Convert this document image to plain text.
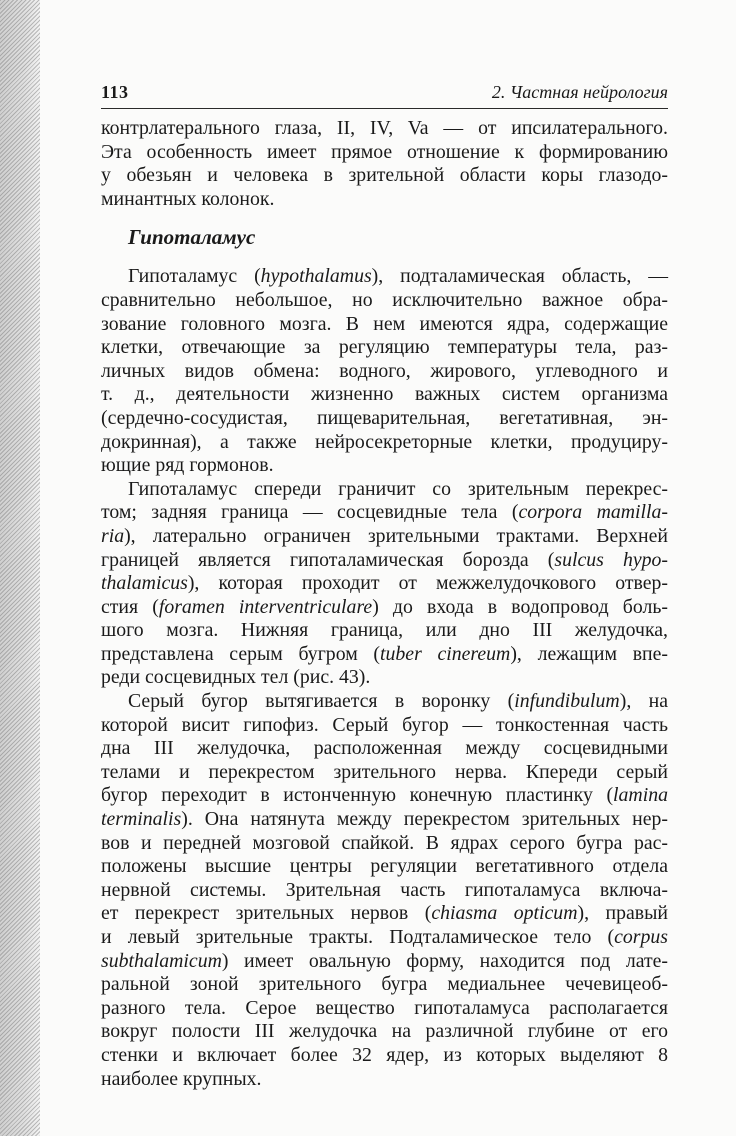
113	2. Частная нейрология
контрлатерального глаза, II, IV, Va — от ипсилатерального.
Эта особенность имеет прямое отношение к формированию
у обезьян и человека в зрительной области коры глазодо-
минантных колонок.
Гипоталамус
Гипоталамус (hypothalamus), подталамическая область, —
сравнительно небольшое, но исключительно важное обра-
зование головного мозга. В нем имеются ядра, содержащие
клетки, отвечающие за регуляцию температуры тела, раз-
личных видов обмена: водного, жирового, углеводного и
т. д., деятельности жизненно важных систем организма
(сердечно-сосудистая, пищеварительная, вегетативная, эн-
докринная), а также нейросекреторные клетки, продуциру-
ющие ряд гормонов.
Гипоталамус спереди граничит со зрительным перекрес-
том; задняя граница — сосцевидные тела (corpora mamilla-
ria), латерально ограничен зрительными трактами. Верхней
границей является гипоталамическая борозда (sulcus hypo-
thalamicus), которая проходит от межжелудочкового отвер-
стия (foramen interventriculare) до входа в водопровод боль-
шого мозга. Нижняя граница, или дно III желудочка,
представлена серым бугром (tuber cinereum), лежащим впе-
реди сосцевидных тел (рис. 43).
Серый бугор вытягивается в воронку (infundibulum), на
которой висит гипофиз. Серый бугор — тонкостенная часть
дна III желудочка, расположенная между сосцевидными
телами и перекрестом зрительного нерва. Кпереди серый
бугор переходит в истонченную конечную пластинку (lamina
terminalis). Она натянута между перекрестом зрительных нер-
вов и передней мозговой спайкой. В ядрах серого бугра рас-
положены высшие центры регуляции вегетативного отдела
нервной системы. Зрительная часть гипоталамуса включа-
ет перекрест зрительных нервов (chiasma opticum), правый
и левый зрительные тракты. Подталамическое тело (corpus
subthalamicum) имеет овальную форму, находится под лате-
ральной зоной зрительного бугра медиальнее чечевицеоб-
разного тела. Серое вещество гипоталамуса располагается
вокруг полости III желудочка на различной глубине от его
стенки и включает более 32 ядер, из которых выделяют 8
наиболее крупных.
